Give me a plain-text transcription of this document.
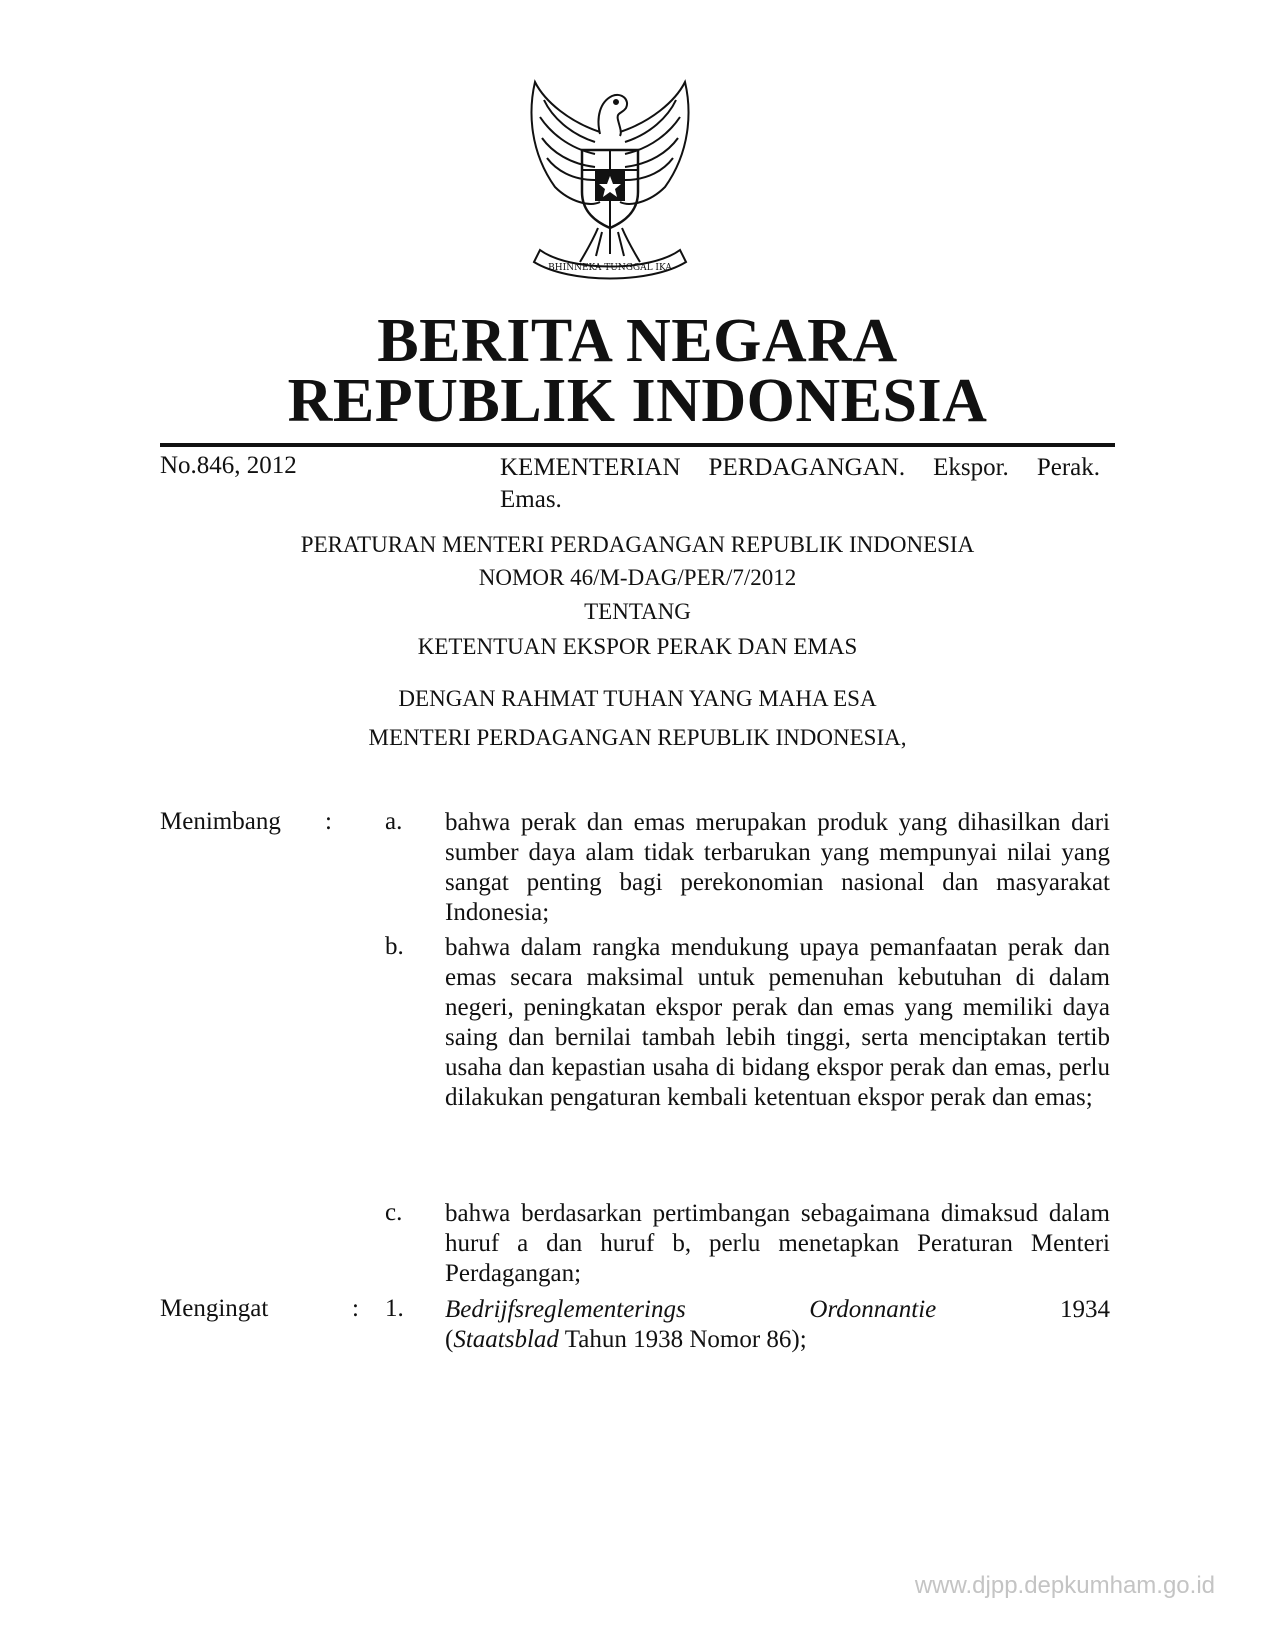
BHINNEKA TUNGGAL IKA
BERITA NEGARA
REPUBLIK INDONESIA
No.846, 2012	KEMENTERIAN PERDAGANGAN. Ekspor. Perak. Emas.
PERATURAN MENTERI PERDAGANGAN REPUBLIK INDONESIA
NOMOR 46/M-DAG/PER/7/2012
TENTANG
KETENTUAN EKSPOR PERAK DAN EMAS
DENGAN RAHMAT TUHAN YANG MAHA ESA
MENTERI PERDAGANGAN REPUBLIK INDONESIA,
Menimbang : a. bahwa perak dan emas merupakan produk yang dihasilkan dari sumber daya alam tidak terbarukan yang mempunyai nilai yang sangat penting bagi perekonomian nasional dan masyarakat Indonesia;
b. bahwa dalam rangka mendukung upaya pemanfaatan perak dan emas secara maksimal untuk pemenuhan kebutuhan di dalam negeri, peningkatan ekspor perak dan emas yang memiliki daya saing dan bernilai tambah lebih tinggi, serta menciptakan tertib usaha dan kepastian usaha di bidang ekspor perak dan emas, perlu dilakukan pengaturan kembali ketentuan ekspor perak dan emas;
c. bahwa berdasarkan pertimbangan sebagaimana dimaksud dalam huruf a dan huruf b, perlu menetapkan Peraturan Menteri Perdagangan;
Mengingat	: 1. Bedrijfsreglementerings Ordonnantie	1934
(Staatsblad Tahun 1938 Nomor 86);
www.djpp.depkumham.go.id
